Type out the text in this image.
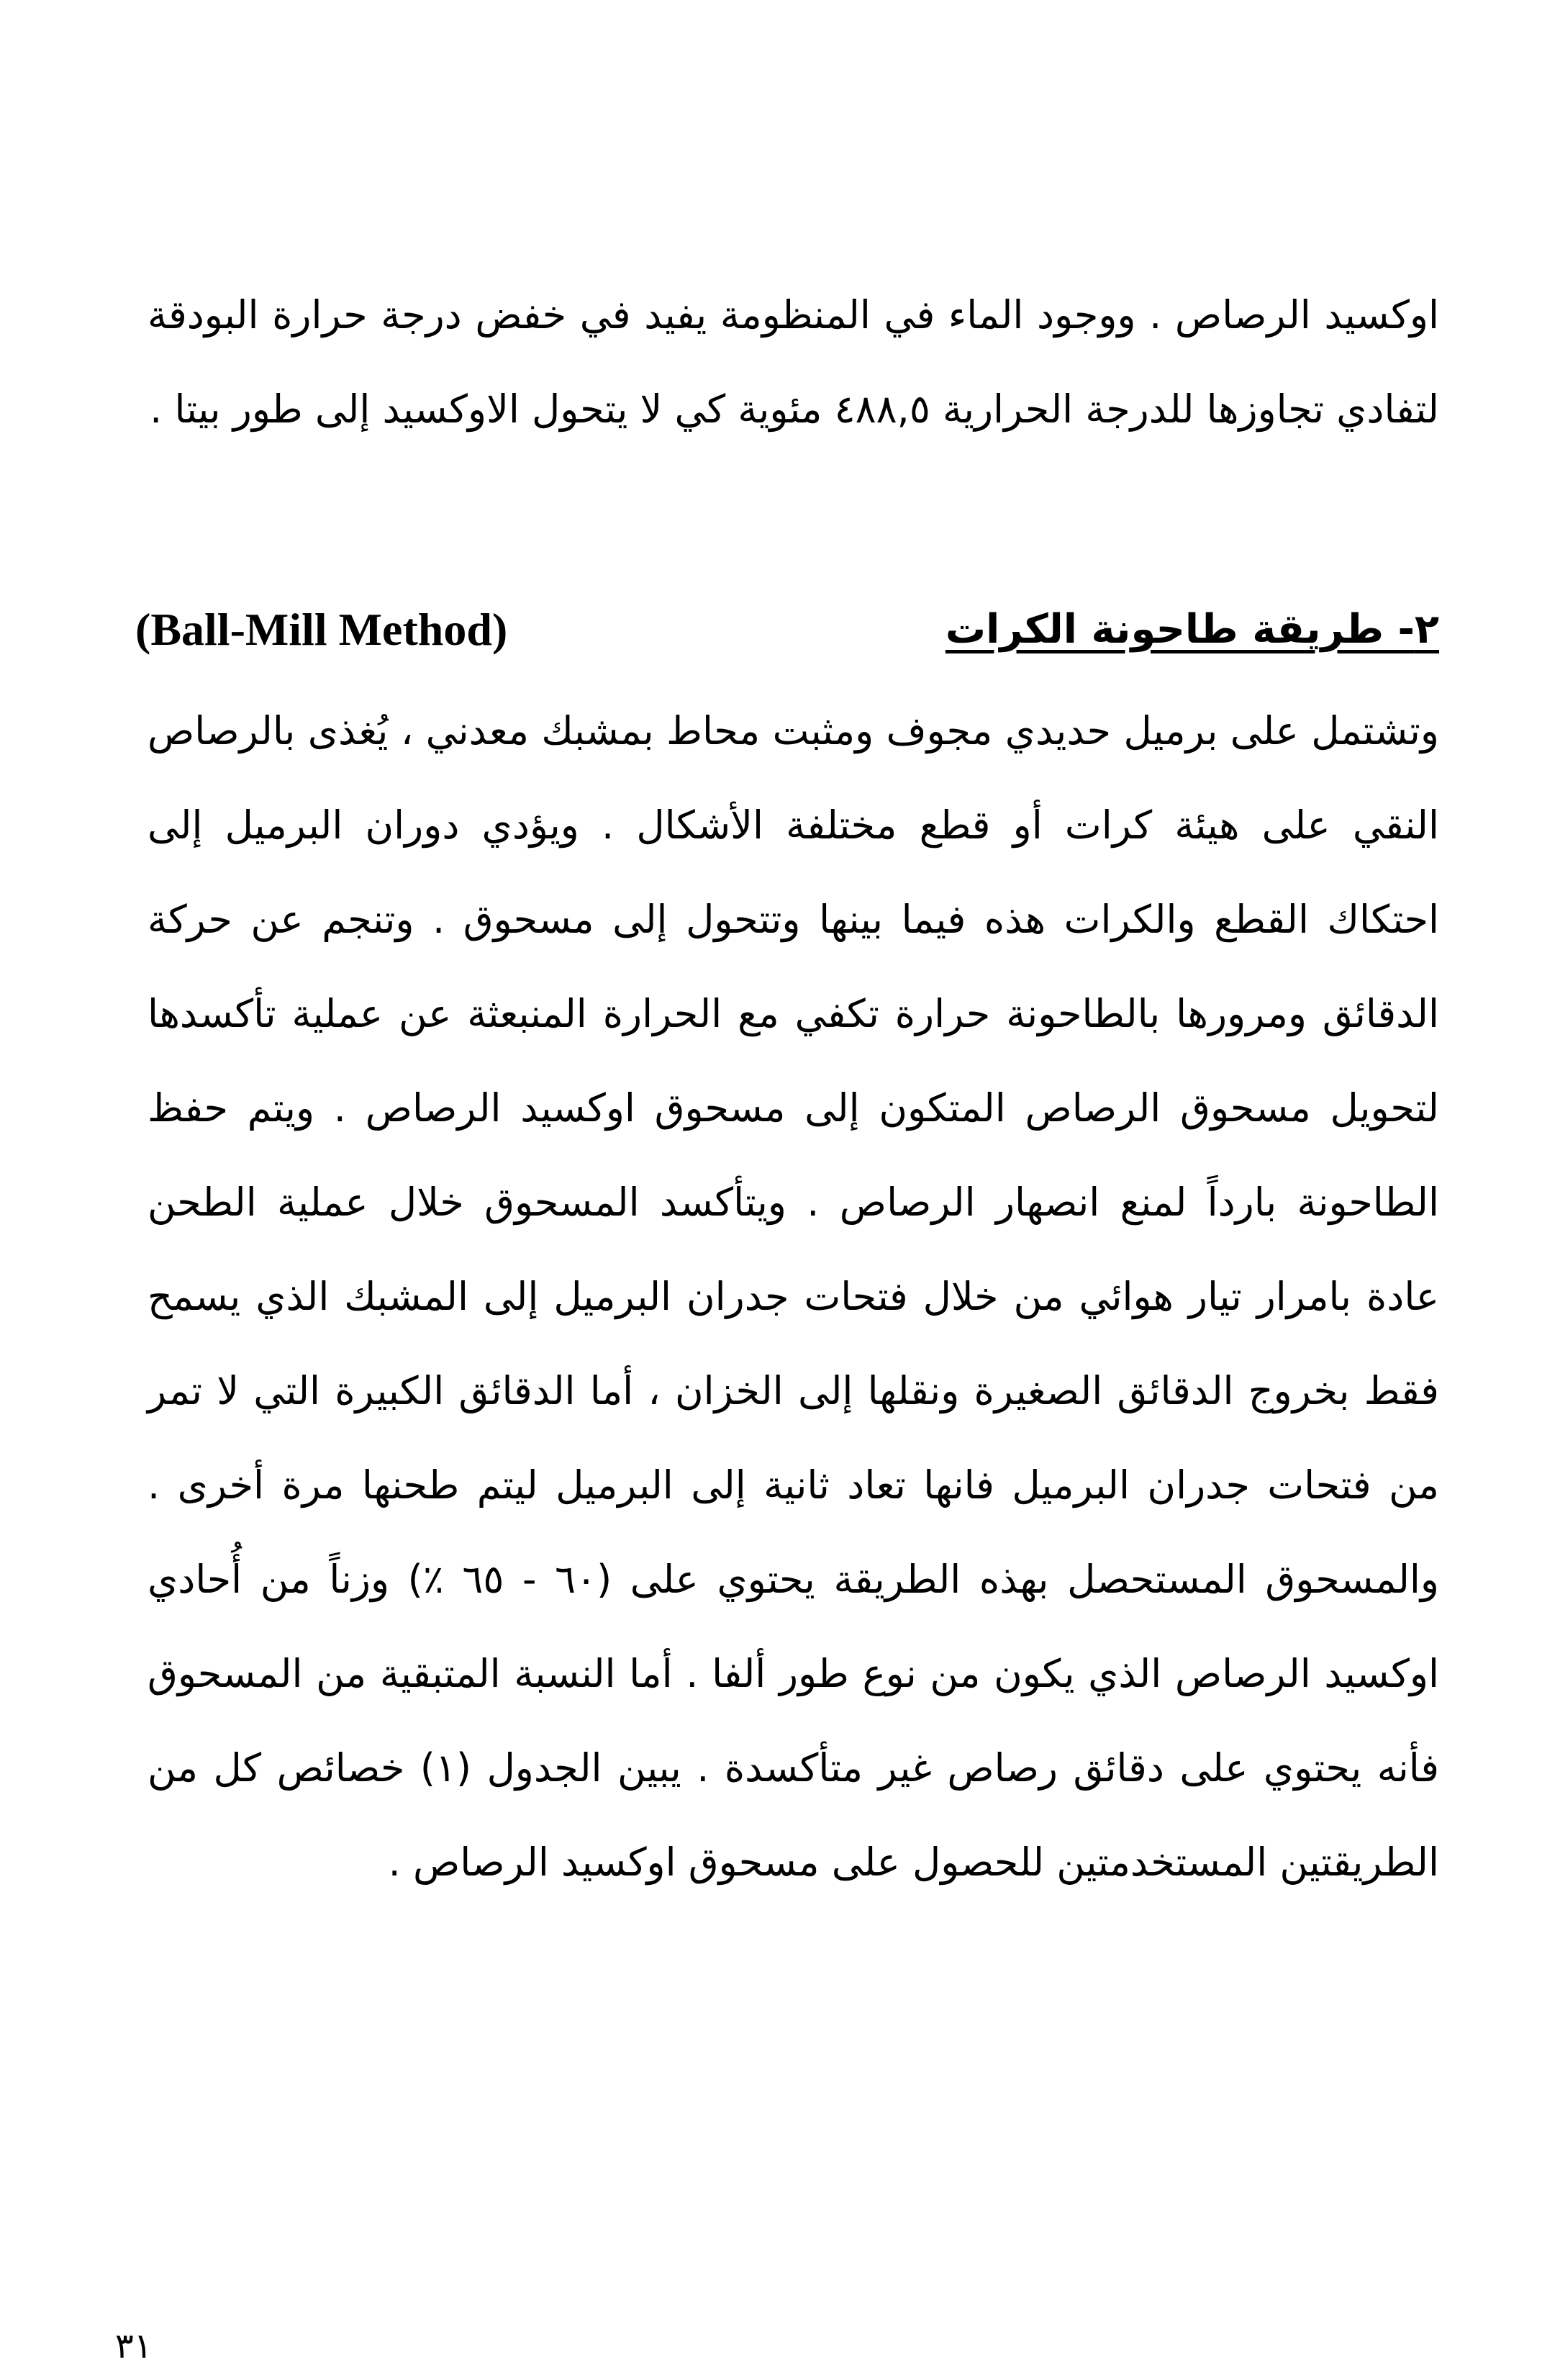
اوكسيد الرصاص . ووجود الماء في المنظومة يفيد في خفض درجة حرارة البودقة لتفادي تجاوزها للدرجة الحرارية ٤٨٨,٥ مئوية كي لا يتحول الاوكسيد إلى طور بيتا .

٢- طريقة طاحونة الكرات
(Ball-Mill Method)

وتشتمل على برميل حديدي مجوف ومثبت محاط بمشبك معدني ، يُغذى بالرصاص النقي على هيئة كرات أو قطع مختلفة الأشكال . ويؤدي دوران البرميل إلى احتكاك القطع والكرات هذه فيما بينها وتتحول إلى مسحوق . وتنجم عن حركة الدقائق ومرورها بالطاحونة حرارة تكفي مع الحرارة المنبعثة عن عملية تأكسدها لتحويل مسحوق الرصاص المتكون إلى مسحوق اوكسيد الرصاص . ويتم حفظ الطاحونة بارداً لمنع انصهار الرصاص . ويتأكسد المسحوق خلال عملية الطحن عادة بامرار تيار هوائي من خلال فتحات جدران البرميل إلى المشبك الذي يسمح فقط بخروج الدقائق الصغيرة ونقلها إلى الخزان ، أما الدقائق الكبيرة التي لا تمر من فتحات جدران البرميل فانها تعاد ثانية إلى البرميل ليتم طحنها مرة أخرى . والمسحوق المستحصل بهذه الطريقة يحتوي على (٦٠ - ٦٥ ٪) وزناً من أُحادي اوكسيد الرصاص الذي يكون من نوع طور ألفا . أما النسبة المتبقية من المسحوق فأنه يحتوي على دقائق رصاص غير متأكسدة . يبين الجدول (١) خصائص كل من الطريقتين المستخدمتين للحصول على مسحوق اوكسيد الرصاص .

٣١
